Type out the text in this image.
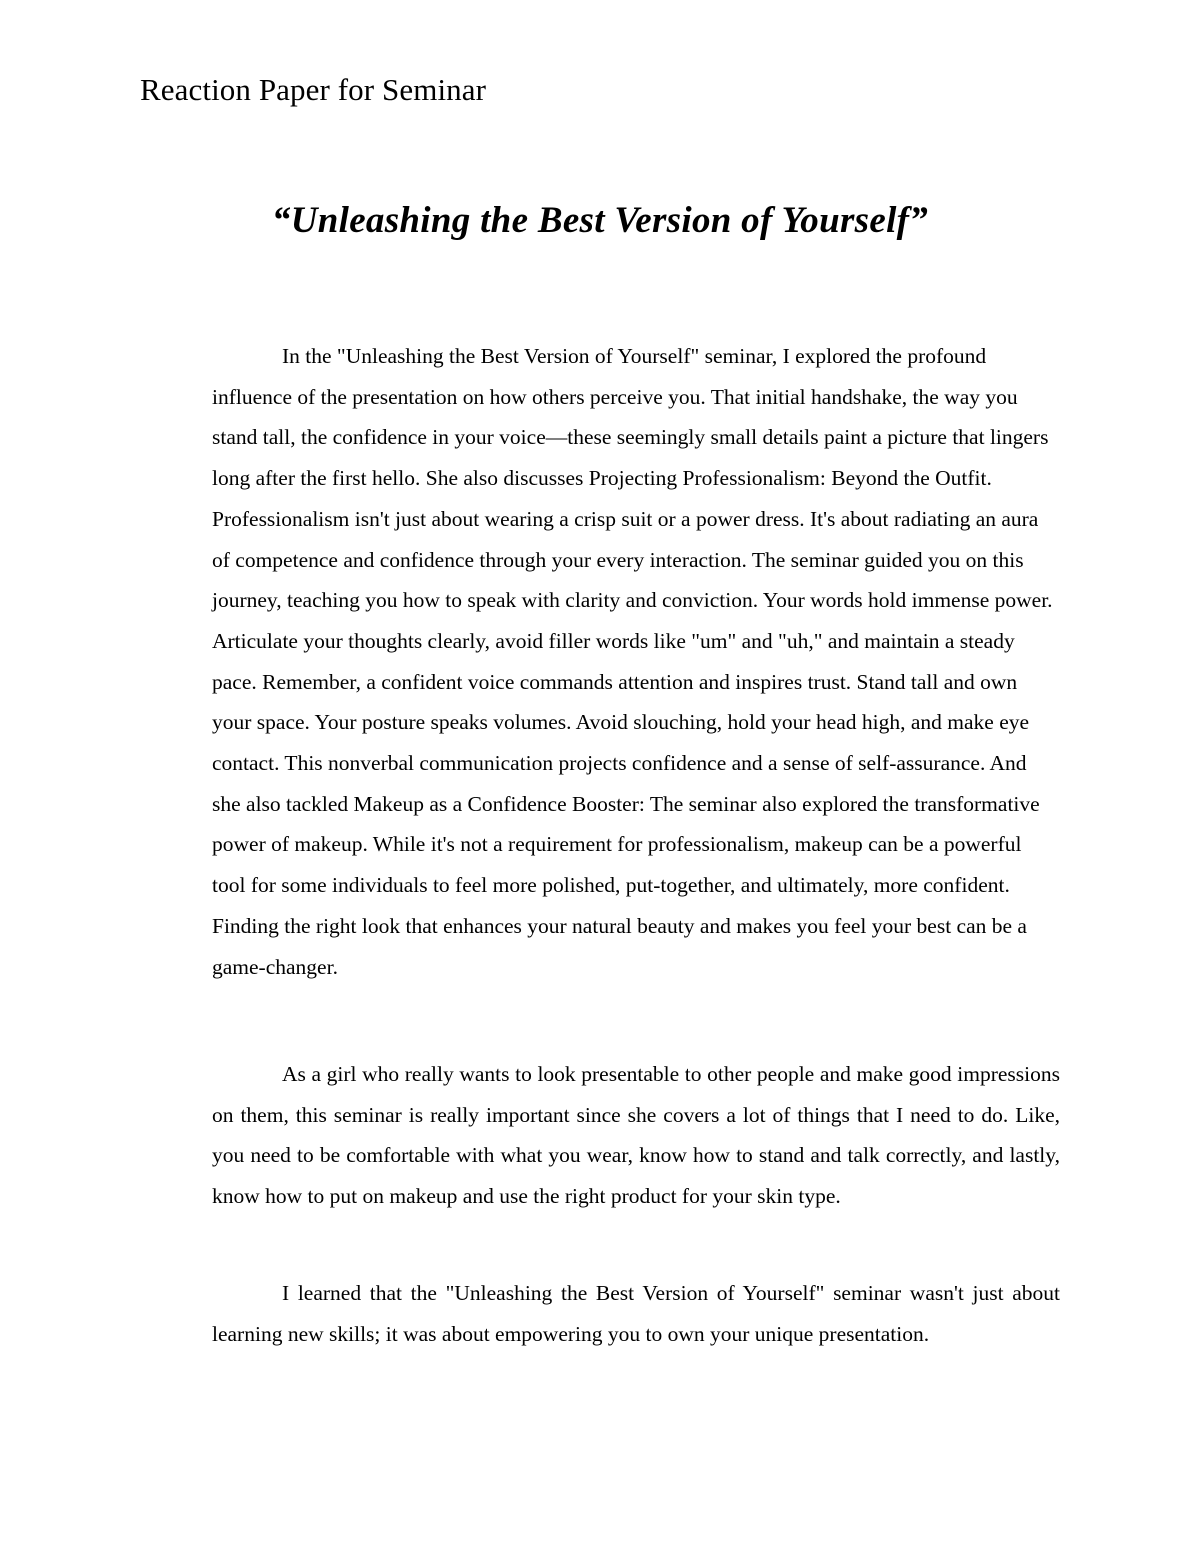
Reaction Paper for Seminar
“Unleashing the Best Version of Yourself”

In the "Unleashing the Best Version of Yourself" seminar, I explored the profound influence of the presentation on how others perceive you. That initial handshake, the way you stand tall, the confidence in your voice—these seemingly small details paint a picture that lingers long after the first hello. She also discusses Projecting Professionalism: Beyond the Outfit. Professionalism isn't just about wearing a crisp suit or a power dress. It's about radiating an aura of competence and confidence through your every interaction. The seminar guided you on this journey, teaching you how to speak with clarity and conviction. Your words hold immense power. Articulate your thoughts clearly, avoid filler words like "um" and "uh," and maintain a steady pace. Remember, a confident voice commands attention and inspires trust. Stand tall and own your space. Your posture speaks volumes. Avoid slouching, hold your head high, and make eye contact. This nonverbal communication projects confidence and a sense of self-assurance. And she also tackled Makeup as a Confidence Booster: The seminar also explored the transformative power of makeup. While it's not a requirement for professionalism, makeup can be a powerful tool for some individuals to feel more polished, put-together, and ultimately, more confident. Finding the right look that enhances your natural beauty and makes you feel your best can be a game-changer.

As a girl who really wants to look presentable to other people and make good impressions on them, this seminar is really important since she covers a lot of things that I need to do. Like, you need to be comfortable with what you wear, know how to stand and talk correctly, and lastly, know how to put on makeup and use the right product for your skin type.

I learned that the "Unleashing the Best Version of Yourself" seminar wasn't just about learning new skills; it was about empowering you to own your unique presentation.
